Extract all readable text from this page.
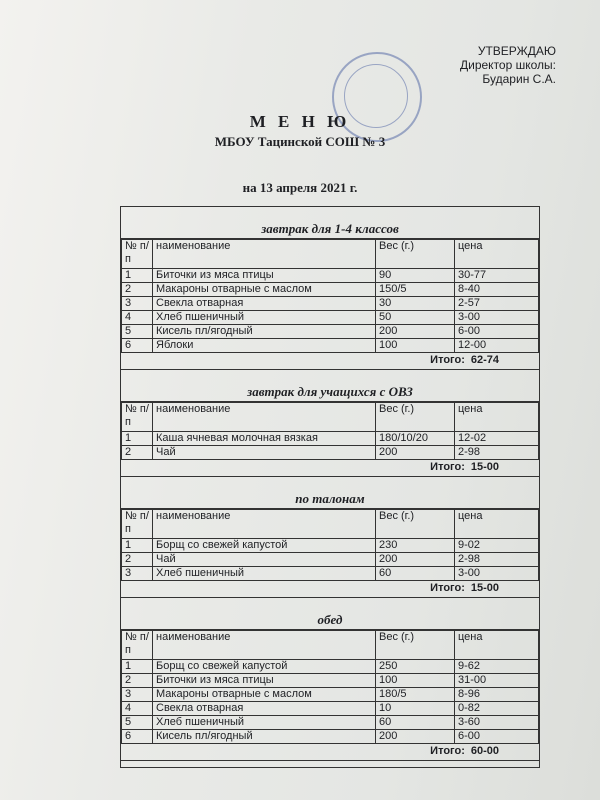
УТВЕРЖДАЮ
Директор школы:
Бударин С.А.
М Е Н Ю
МБОУ Тацинской СОШ № 3
на 13 апреля 2021 г.
завтрак для 1-4 классов
№ п/п	наименование	Вес (г.)	цена
1	Биточки из мяса птицы	90	30-77
2	Макароны отварные с маслом	150/5	8-40
3	Свекла отварная	30	2-57
4	Хлеб пшеничный	50	3-00
5	Кисель пл/ягодный	200	6-00
6	Яблоки	100	12-00
Итого: 62-74
завтрак для учащихся с ОВЗ
№ п/п	наименование	Вес (г.)	цена
1	Каша ячневая молочная вязкая	180/10/20	12-02
2	Чай	200	2-98
Итого: 15-00
по талонам
№ п/п	наименование	Вес (г.)	цена
1	Борщ со свежей капустой	230	9-02
2	Чай	200	2-98
3	Хлеб пшеничный	60	3-00
Итого: 15-00
обед
№ п/п	наименование	Вес (г.)	цена
1	Борщ со свежей капустой	250	9-62
2	Биточки из мяса птицы	100	31-00
3	Макароны отварные с маслом	180/5	8-96
4	Свекла отварная	10	0-82
5	Хлеб пшеничный	60	3-60
6	Кисель пл/ягодный	200	6-00
Итого: 60-00
